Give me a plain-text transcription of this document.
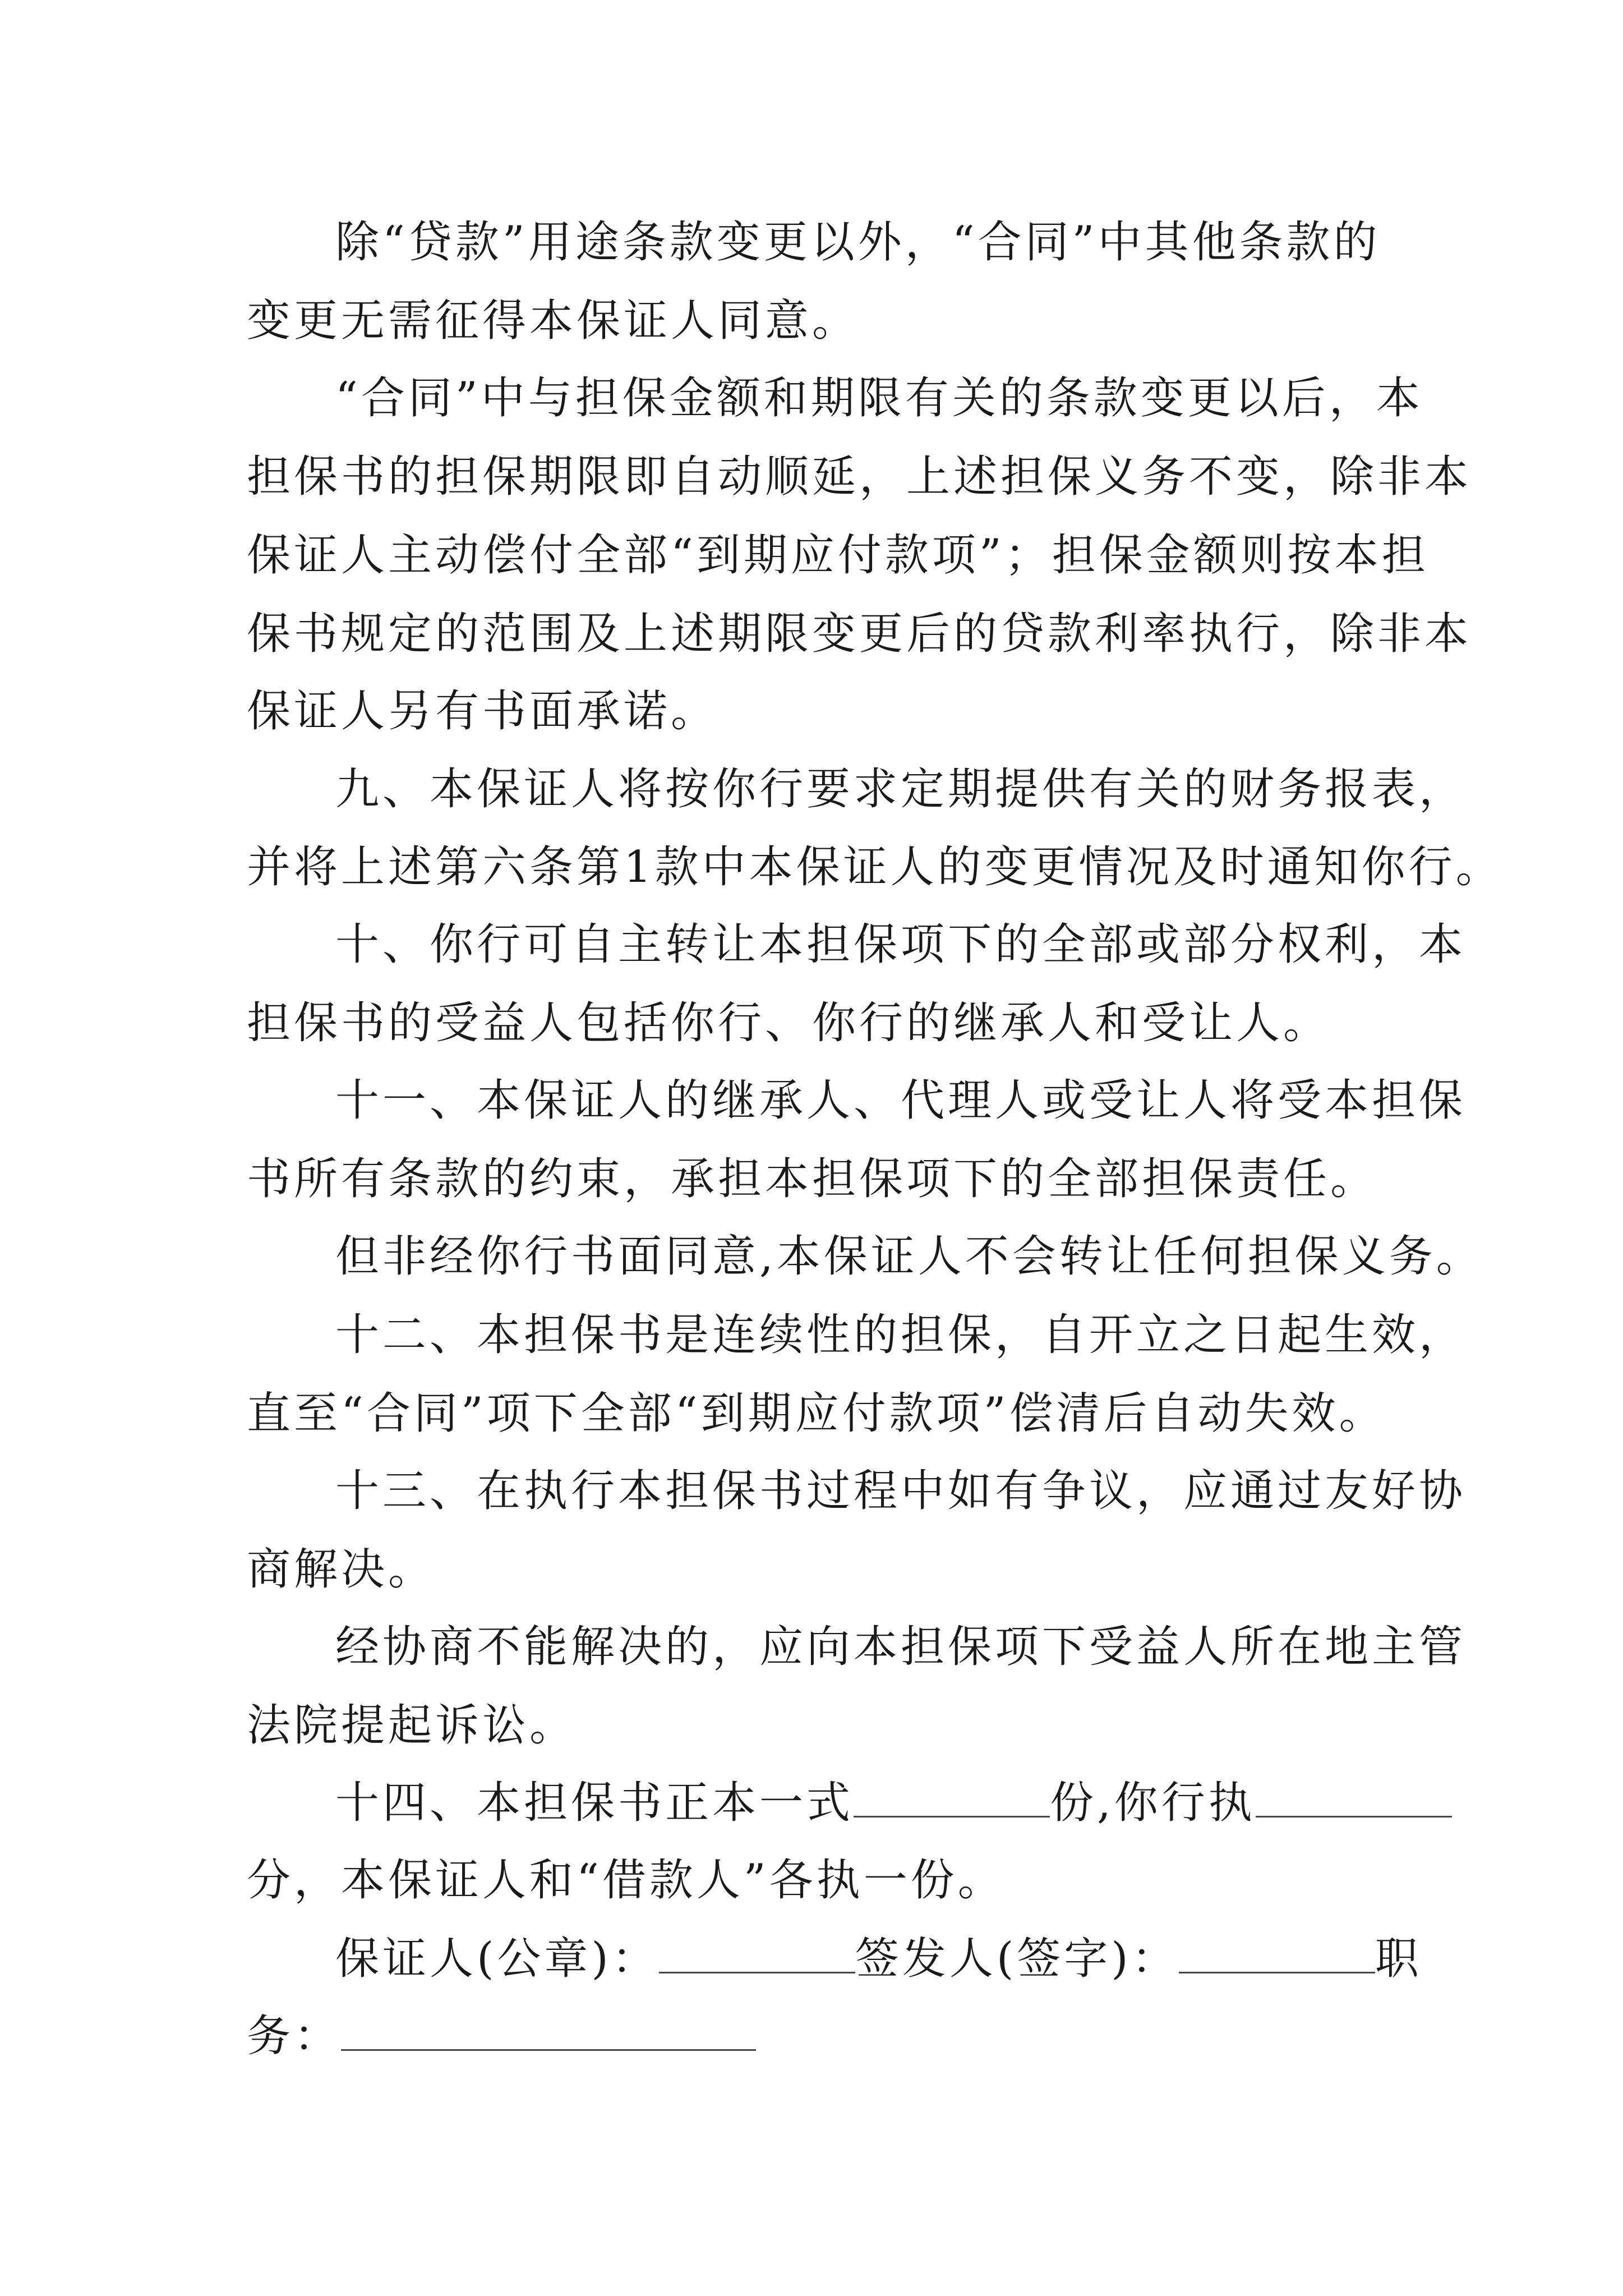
除“贷款”用途条款变更以外，“合同”中其他条款的
变更无需征得本保证人同意。
“合同”中与担保金额和期限有关的条款变更以后，本
担保书的担保期限即自动顺延，上述担保义务不变，除非本
保证人主动偿付全部“到期应付款项”；担保金额则按本担
保书规定的范围及上述期限变更后的贷款利率执行，除非本
保证人另有书面承诺。
九、本保证人将按你行要求定期提供有关的财务报表，
并将上述第六条第1款中本保证人的变更情况及时通知你行。
十、你行可自主转让本担保项下的全部或部分权利，本
担保书的受益人包括你行、你行的继承人和受让人。
十一、本保证人的继承人、代理人或受让人将受本担保
书所有条款的约束，承担本担保项下的全部担保责任。
但非经你行书面同意,本保证人不会转让任何担保义务。
十二、本担保书是连续性的担保，自开立之日起生效，
直至“合同”项下全部“到期应付款项”偿清后自动失效。
十三、在执行本担保书过程中如有争议，应通过友好协
商解决。
经协商不能解决的，应向本担保项下受益人所在地主管
法院提起诉讼。
十四、本担保书正本一式	份,你行执
分，本保证人和“借款人”各执一份。
保证人(公章)：	签发人(签字)：	职
务：
